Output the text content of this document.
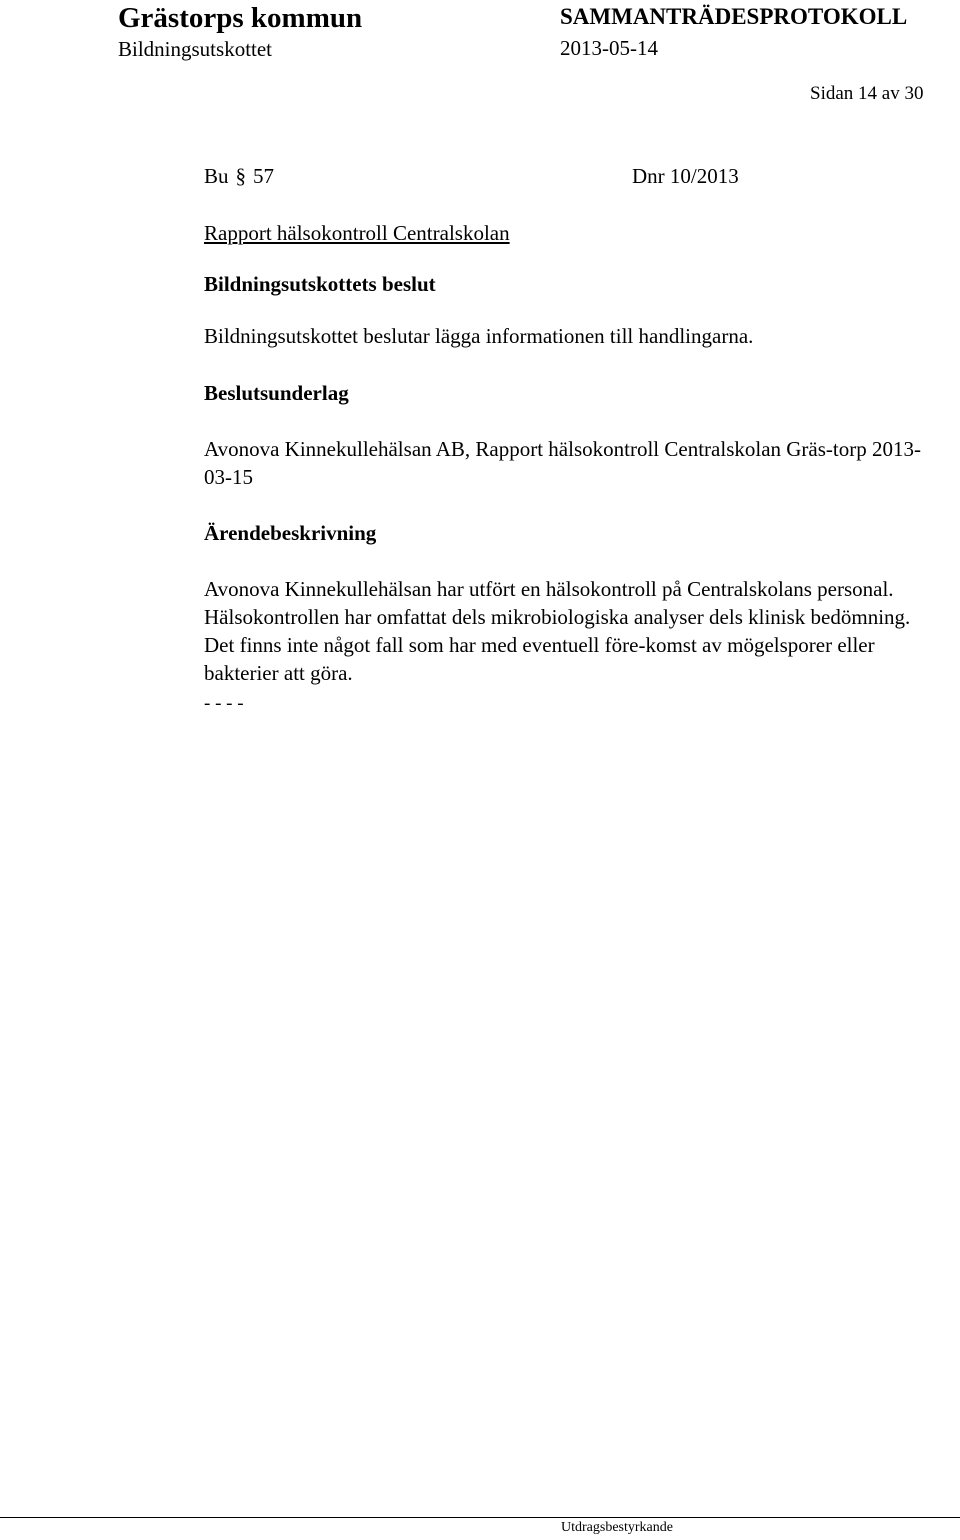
Grästorps kommun	SAMMANTRÄDESPROTOKOLL
Bildningsutskottet	2013-05-14
Sidan 14 av 30
Bu § 57	Dnr 10/2013
Rapport hälsokontroll Centralskolan
Bildningsutskottets beslut
Bildningsutskottet beslutar lägga informationen till handlingarna.
Beslutsunderlag
Avonova Kinnekullehälsan AB, Rapport hälsokontroll Centralskolan Gräs-torp 2013-03-15
Ärendebeskrivning
Avonova Kinnekullehälsan har utfört en hälsokontroll på Centralskolans personal. Hälsokontrollen har omfattat dels mikrobiologiska analyser dels klinisk bedömning. Det finns inte något fall som har med eventuell före-komst av mögelsporer eller bakterier att göra.
- - - -
Utdragsbestyrkande
